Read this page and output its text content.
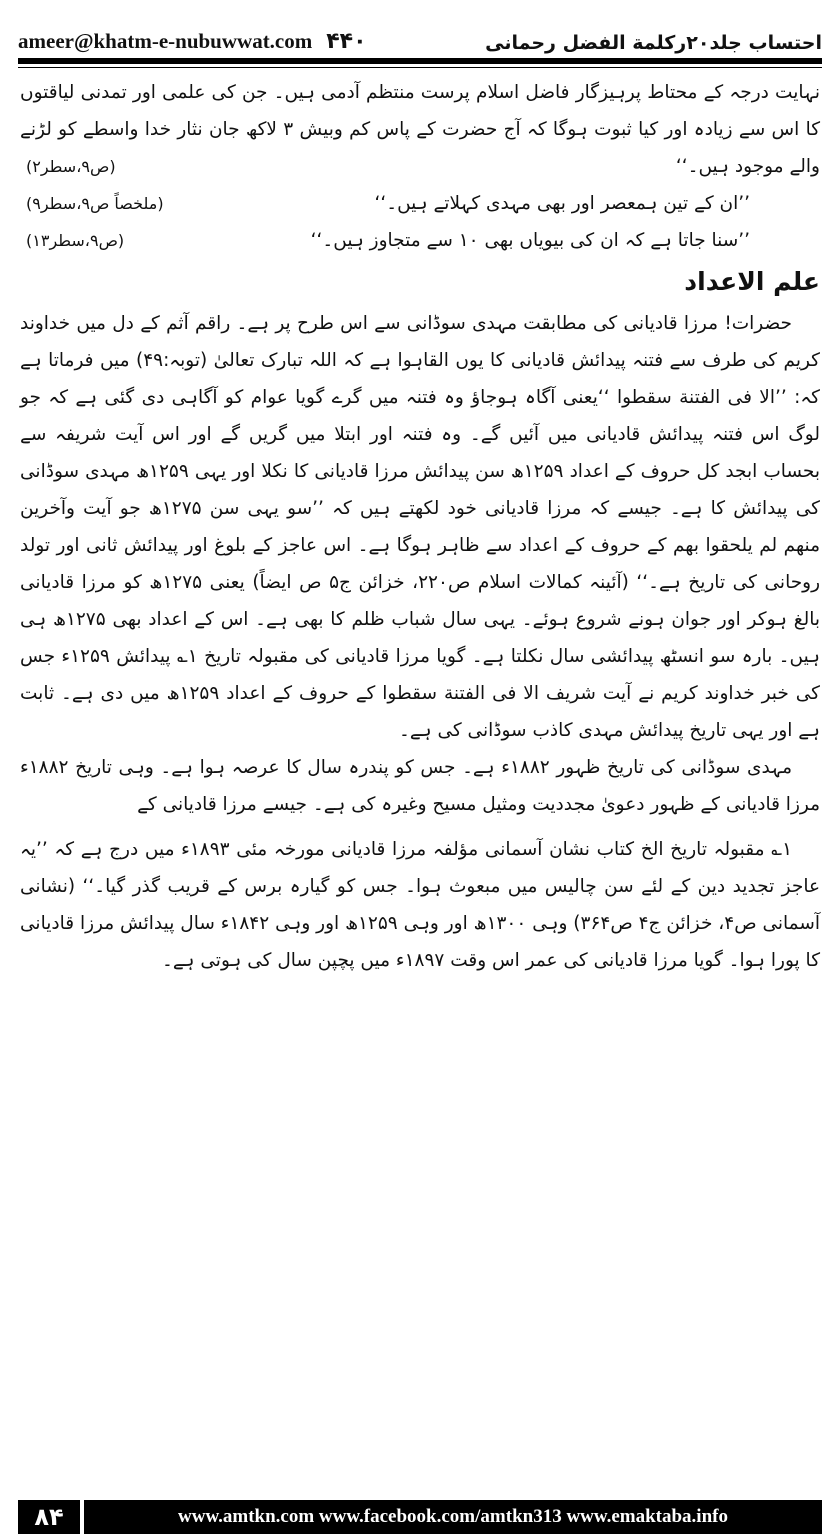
ameer@khatm-e-nubuwwat.com ۴۴۰	احتساب جلد۲۰رکلمة الفضل رحمانی

نہایت درجہ کے محتاط پرہیزگار فاضل اسلام پرست منتظم آدمی ہیں۔ جن کی علمی اور تمدنی لیاقتوں کا اس سے زیادہ اور کیا ثبوت ہوگا کہ آج حضرت کے پاس کم وبیش ۳ لاکھ جان نثار خدا واسطے کو لڑنے والے موجود ہیں۔‘‘
(ص۹،سطر۲)

’’ان کے تین ہمعصر اور بھی مہدی کہلاتے ہیں۔‘‘
(ملخصاً ص۹،سطر۹)
’’سنا جاتا ہے کہ ان کی بیویاں بھی ۱۰ سے متجاوز ہیں۔‘‘
(ص۹،سطر۱۳)
علم الاعداد

حضرات! مرزا قادیانی کی مطابقت مہدی سوڈانی سے اس طرح پر ہے۔ راقم آثم کے دل میں خداوند کریم کی طرف سے فتنہ پیدائش قادیانی کا یوں القاہوا ہے کہ اللہ تبارک تعالیٰ (توبہ:۴۹) میں فرماتا ہے کہ: ’’الا فی الفتنة سقطوا ‘‘یعنی آگاہ ہوجاؤ وہ فتنہ میں گرے گویا عوام کو آگاہی دی گئی ہے کہ جو لوگ اس فتنہ پیدائش قادیانی میں آئیں گے۔ وہ فتنہ اور ابتلا میں گریں گے اور اس آیت شریفہ سے بحساب ابجد کل حروف کے اعداد ۱۲۵۹ھ سن پیدائش مرزا قادیانی کا نکلا اور یہی ۱۲۵۹ھ مہدی سوڈانی کی پیدائش کا ہے۔ جیسے کہ مرزا قادیانی خود لکھتے ہیں کہ ’’سو یہی سن ۱۲۷۵ھ جو آیت وآخرین منهم لم یلحقوا بهم کے حروف کے اعداد سے ظاہر ہوگا ہے۔ اس عاجز کے بلوغ اور پیدائش ثانی اور تولد روحانی کی تاریخ ہے۔‘‘ (آئینہ کمالات اسلام ص۲۲۰، خزائن ج۵ ص ایضاً) یعنی ۱۲۷۵ھ کو مرزا قادیانی بالغ ہوکر اور جوان ہونے شروع ہوئے۔ یہی سال شباب ظلم کا بھی ہے۔ اس کے اعداد بھی ۱۲۷۵ھ ہی ہیں۔ بارہ سو انسٹھ پیدائشی سال نکلتا ہے۔ گویا مرزا قادیانی کی مقبولہ تاریخ ۱؎ پیدائش ۱۲۵۹ء جس کی خبر خداوند کریم نے آیت شریف الا فی الفتنة سقطوا کے حروف کے اعداد ۱۲۵۹ھ میں دی ہے۔ ثابت ہے اور یہی تاریخ پیدائش مہدی کاذب سوڈانی کی ہے۔

مہدی سوڈانی کی تاریخ ظہور ۱۸۸۲ء ہے۔ جس کو پندرہ سال کا عرصہ ہوا ہے۔ وہی تاریخ ۱۸۸۲ء مرزا قادیانی کے ظہور دعویٰ مجددیت ومثیل مسیح وغیرہ کی ہے۔ جیسے مرزا قادیانی کے

۱؎ مقبولہ تاریخ الخ کتاب نشان آسمانی مؤلفہ مرزا قادیانی مورخہ مئی ۱۸۹۳ء میں درج ہے کہ ’’یہ عاجز تجدید دین کے لئے سن چالیس میں مبعوث ہوا۔ جس کو گیارہ برس کے قریب گذر گیا۔‘‘ (نشانی آسمانی ص۴، خزائن ج۴ ص۳۶۴) وہی ۱۳۰۰ھ اور وہی ۱۲۵۹ھ اور وہی ۱۸۴۲ء سال پیدائش مرزا قادیانی کا پورا ہوا۔ گویا مرزا قادیانی کی عمر اس وقت ۱۸۹۷ء میں پچپن سال کی ہوتی ہے۔

۸۴	www.amtkn.com www.facebook.com/amtkn313 www.emaktaba.info
